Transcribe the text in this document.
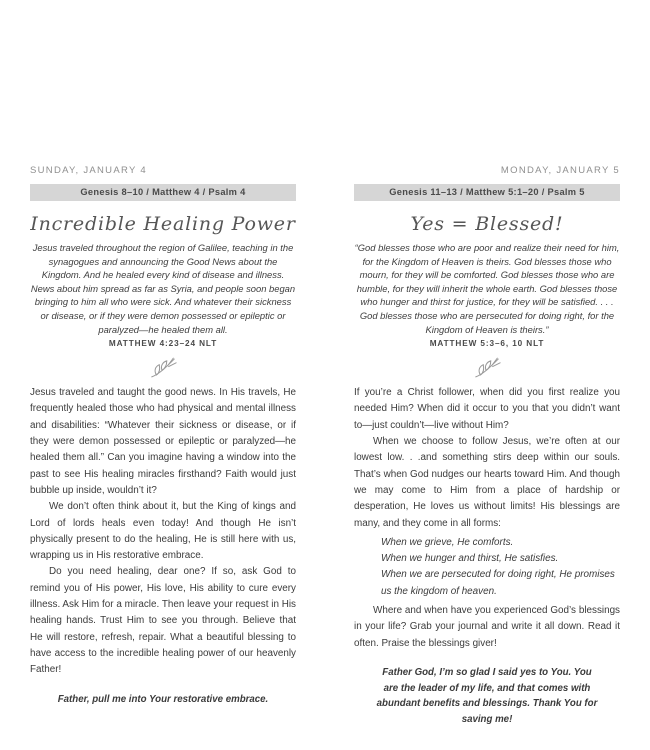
SUNDAY, JANUARY 4
Genesis 8–10 / Matthew 4 / Psalm 4
Incredible Healing Power
Jesus traveled throughout the region of Galilee, teaching in the synagogues and announcing the Good News about the Kingdom. And he healed every kind of disease and illness. News about him spread as far as Syria, and people soon began bringing to him all who were sick. And whatever their sickness or disease, or if they were demon possessed or epileptic or paralyzed—he healed them all.
MATTHEW 4:23–24 NLT

Jesus traveled and taught the good news. In His travels, He frequently healed those who had physical and mental illness and disabilities: “Whatever their sickness or disease, or if they were demon possessed or epileptic or paralyzed—he healed them all.” Can you imagine having a window into the past to see His healing miracles firsthand? Faith would just bubble up inside, wouldn’t it?

We don’t often think about it, but the King of kings and Lord of lords heals even today! And though He isn’t physically present to do the healing, He is still here with us, wrapping us in His restorative embrace.

Do you need healing, dear one? If so, ask God to remind you of His power, His love, His ability to cure every illness. Ask Him for a miracle. Then leave your request in His healing hands. Trust Him to see you through. Believe that He will restore, refresh, repair. What a beautiful blessing to have access to the incredible healing power of our heavenly Father!

Father, pull me into Your restorative embrace.
MONDAY, JANUARY 5
Genesis 11–13 / Matthew 5:1–20 / Psalm 5
Yes = Blessed!
“God blesses those who are poor and realize their need for him, for the Kingdom of Heaven is theirs. God blesses those who mourn, for they will be comforted. God blesses those who are humble, for they will inherit the whole earth. God blesses those who hunger and thirst for justice, for they will be satisfied. . . . God blesses those who are persecuted for doing right, for the Kingdom of Heaven is theirs.”
MATTHEW 5:3–6, 10 NLT

If you’re a Christ follower, when did you first realize you needed Him? When did it occur to you that you didn’t want to—just couldn’t—live without Him?

When we choose to follow Jesus, we’re often at our lowest low. . .and something stirs deep within our souls. That’s when God nudges our hearts toward Him. And though we may come to Him from a place of hardship or desperation, He loves us without limits! His blessings are many, and they come in all forms:

When we grieve, He comforts.
When we hunger and thirst, He satisfies.
When we are persecuted for doing right, He promises us the kingdom of heaven.

Where and when have you experienced God’s blessings in your life? Grab your journal and write it all down. Read it often. Praise the blessings giver!

Father God, I’m so glad I said yes to You. You are the leader of my life, and that comes with abundant benefits and blessings. Thank You for saving me!
